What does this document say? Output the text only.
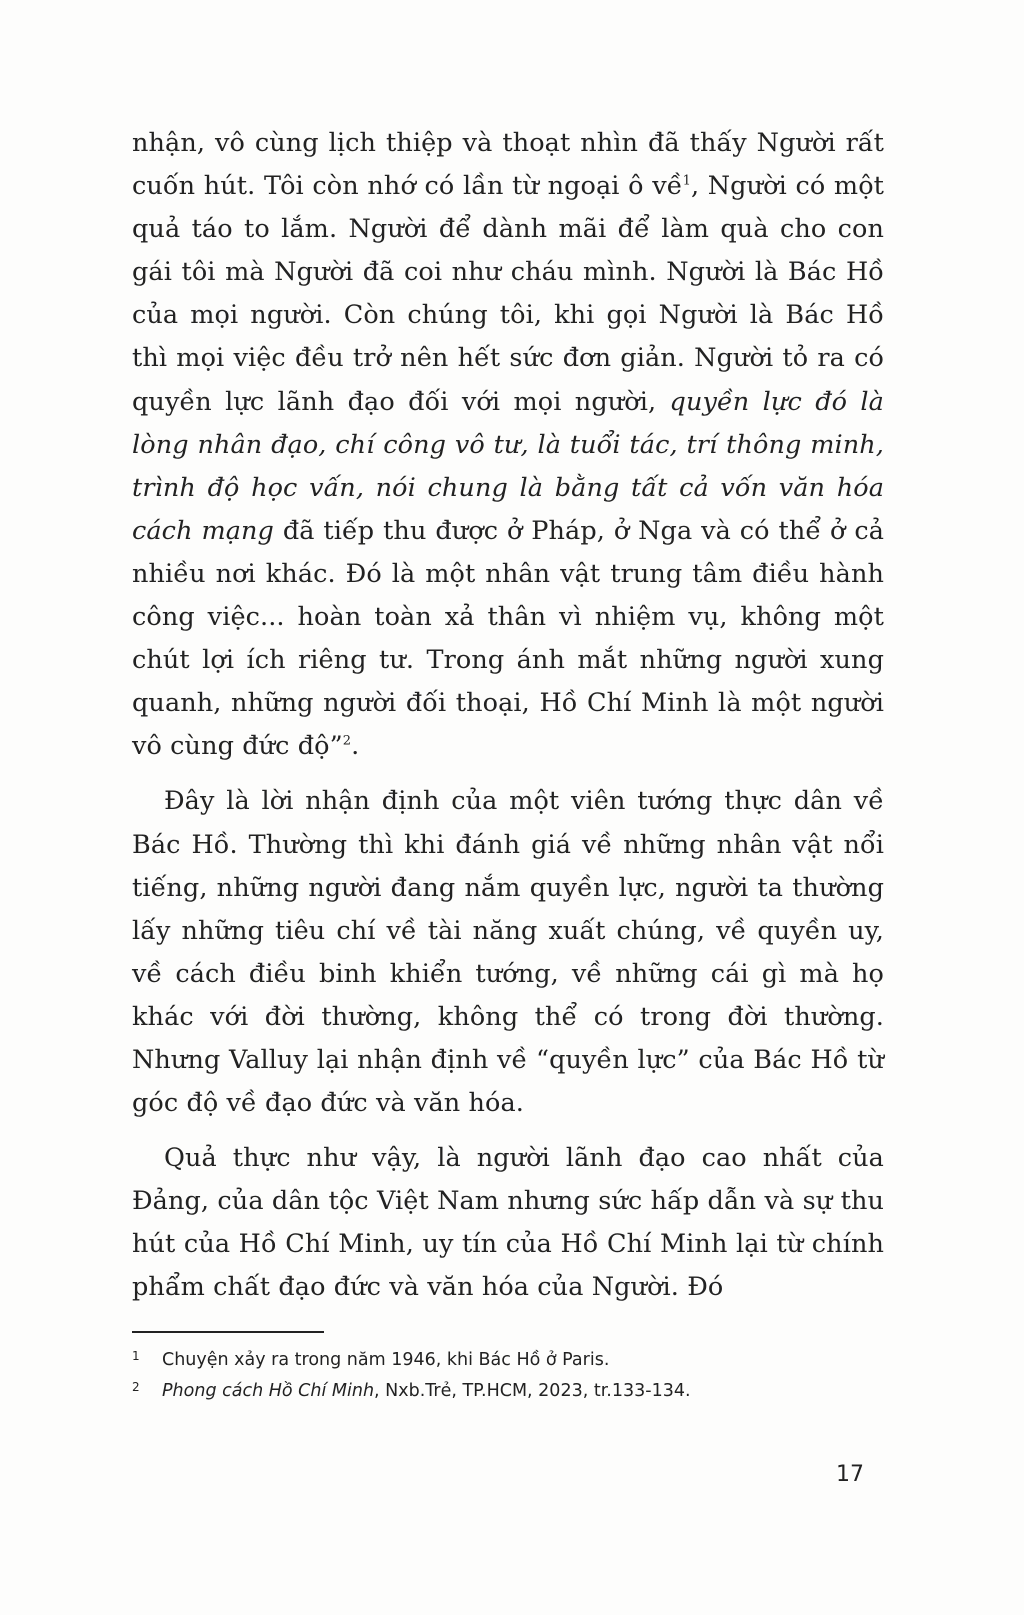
nhận, vô cùng lịch thiệp và thoạt nhìn đã thấy Người rất cuốn hút. Tôi còn nhớ có lần từ ngoại ô về$^1$, Người có một quả táo to lắm. Người để dành mãi để làm quà cho con gái tôi mà Người đã coi như cháu mình. Người là Bác Hồ của mọi người. Còn chúng tôi, khi gọi Người là Bác Hồ thì mọi việc đều trở nên hết sức đơn giản. Người tỏ ra có quyền lực lãnh đạo đối với mọi người, quyền lực đó là lòng nhân đạo, chí công vô tư, là tuổi tác, trí thông minh, trình độ học vấn, nói chung là bằng tất cả vốn văn hóa cách mạng đã tiếp thu được ở Pháp, ở Nga và có thể ở cả nhiều nơi khác. Đó là một nhân vật trung tâm điều hành công việc... hoàn toàn xả thân vì nhiệm vụ, không một chút lợi ích riêng tư. Trong ánh mắt những người xung quanh, những người đối thoại, Hồ Chí Minh là một người vô cùng đức độ”$^2$.

Đây là lời nhận định của một viên tướng thực dân về Bác Hồ. Thường thì khi đánh giá về những nhân vật nổi tiếng, những người đang nắm quyền lực, người ta thường lấy những tiêu chí về tài năng xuất chúng, về quyền uy, về cách điều binh khiển tướng, về những cái gì mà họ khác với đời thường, không thể có trong đời thường. Nhưng Valluy lại nhận định về “quyền lực” của Bác Hồ từ góc độ về đạo đức và văn hóa.

Quả thực như vậy, là người lãnh đạo cao nhất của Đảng, của dân tộc Việt Nam nhưng sức hấp dẫn và sự thu hút của Hồ Chí Minh, uy tín của Hồ Chí Minh lại từ chính phẩm chất đạo đức và văn hóa của Người. Đó

1 Chuyện xảy ra trong năm 1946, khi Bác Hồ ở Paris.
2 Phong cách Hồ Chí Minh, Nxb.Trẻ, TP.HCM, 2023, tr.133-134.
17
